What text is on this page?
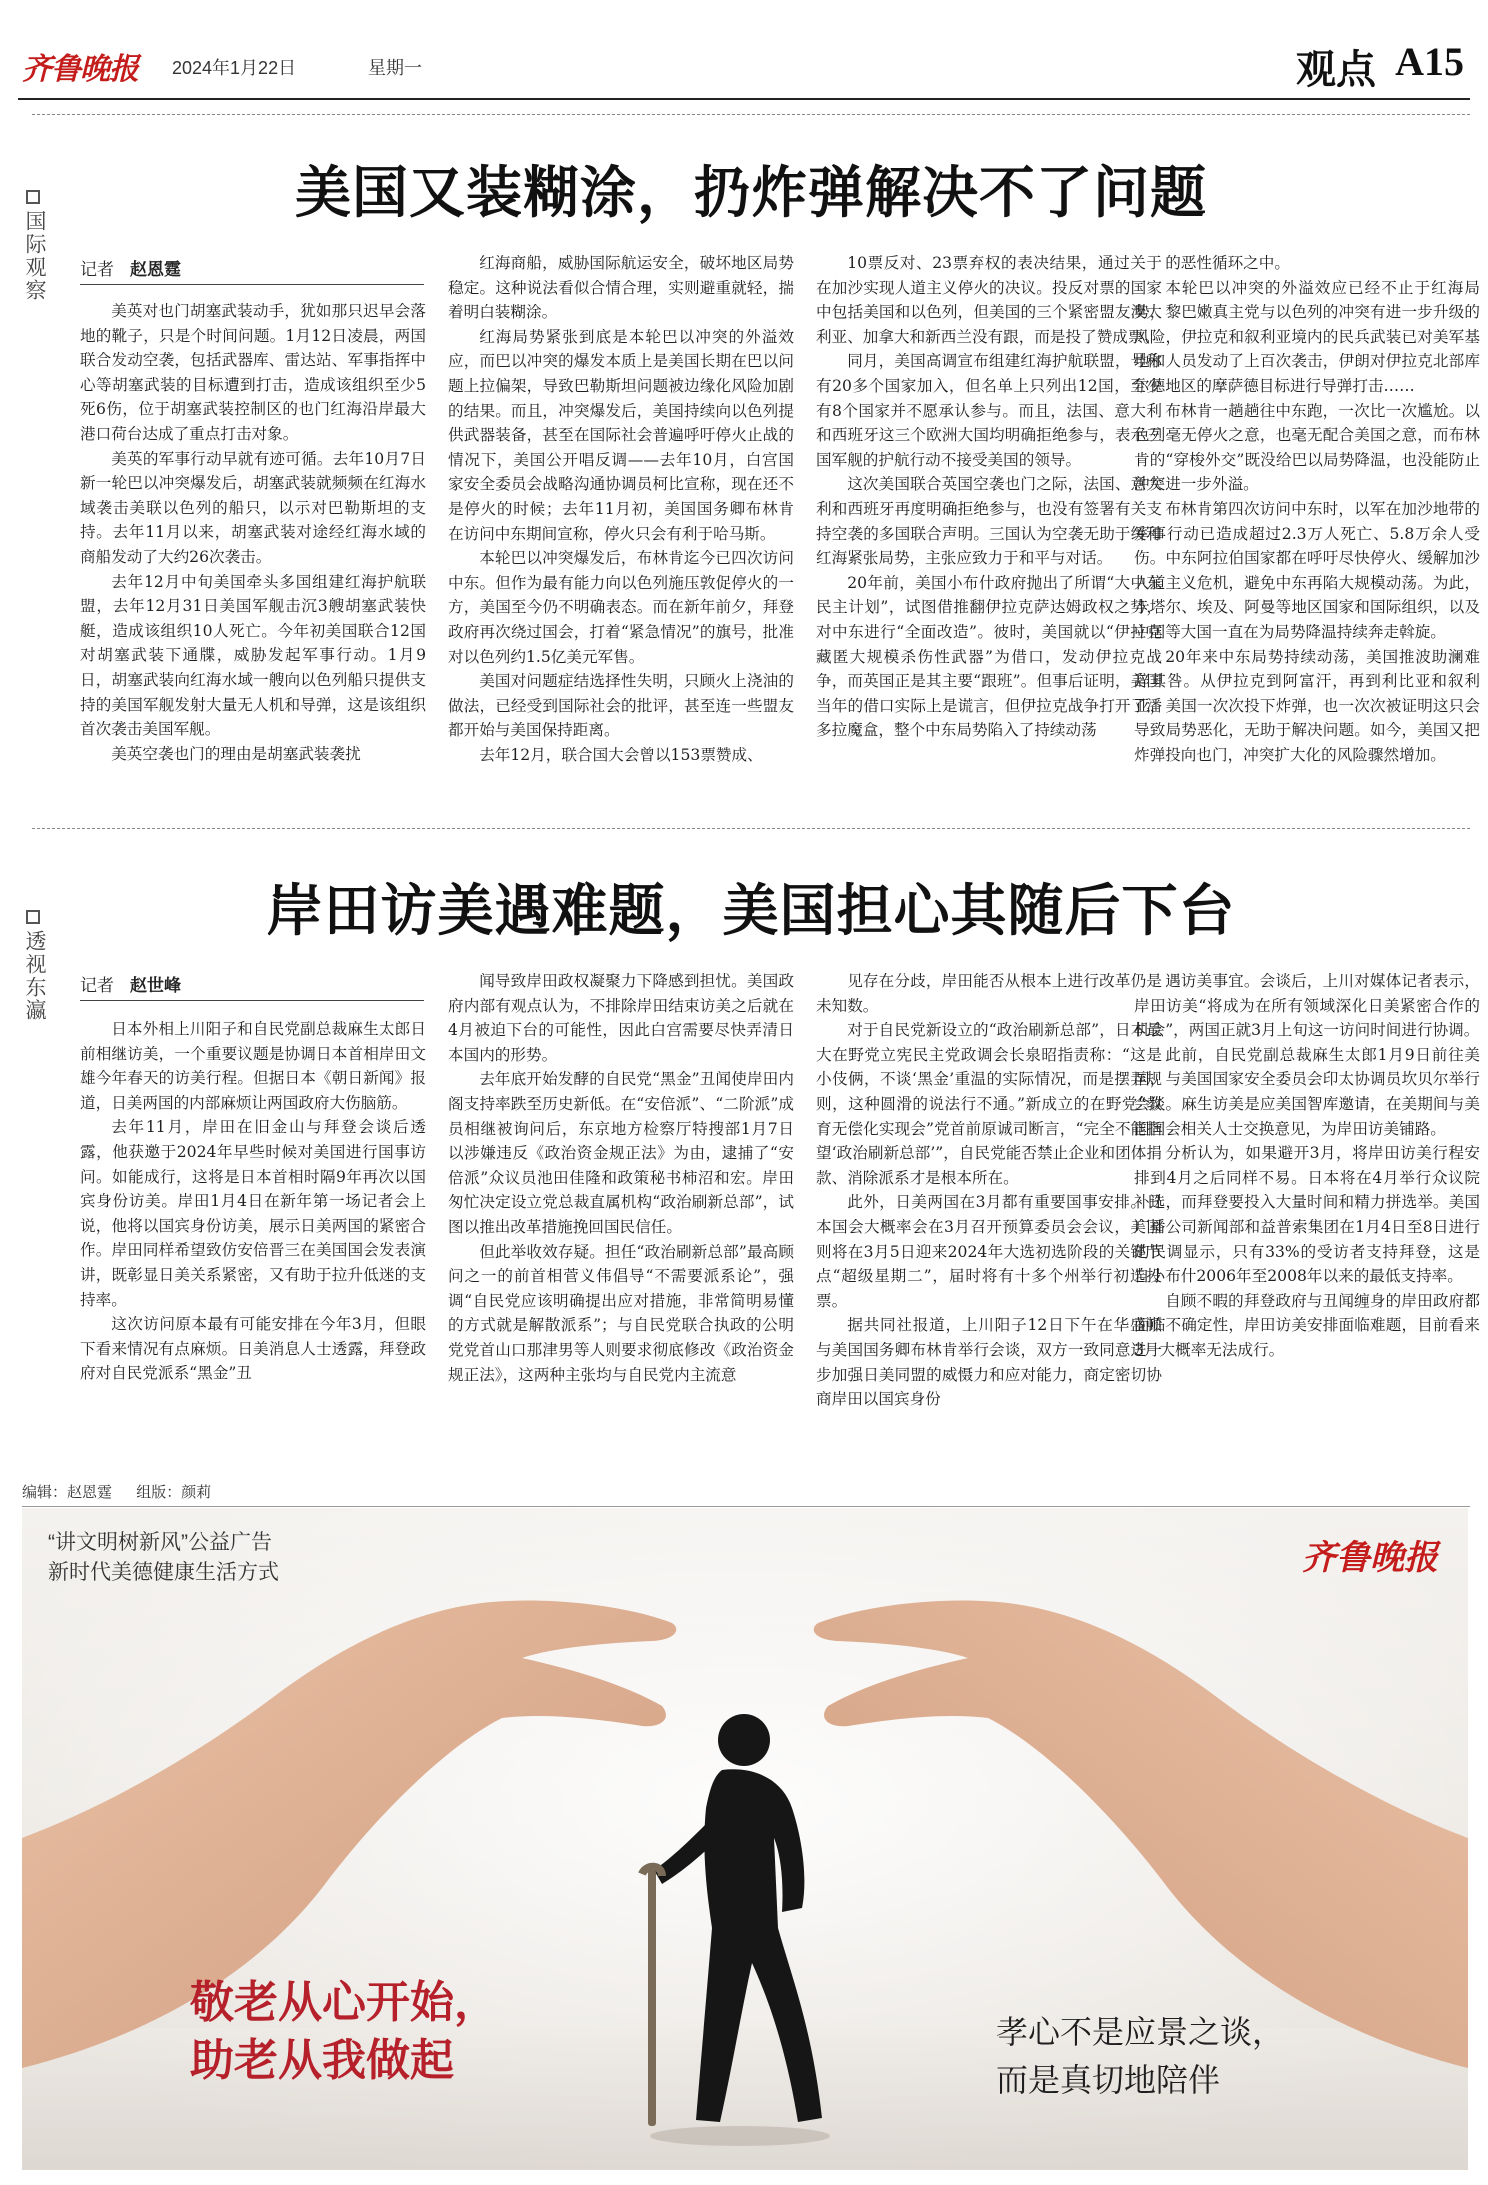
齐鲁晚报 2024年1月22日	星期一	观点 A15
国际观察
美国又装糊涂，扔炸弹解决不了问题
记者 赵恩霆

美英对也门胡塞武装动手，犹如那只迟早会落地的靴子，只是个时间问题。1月12日凌晨，两国联合发动空袭，包括武器库、雷达站、军事指挥中心等胡塞武装的目标遭到打击，造成该组织至少5死6伤，位于胡塞武装控制区的也门红海沿岸最大港口荷台达成了重点打击对象。

美英的军事行动早就有迹可循。去年10月7日新一轮巴以冲突爆发后，胡塞武装就频频在红海水域袭击美联以色列的船只，以示对巴勒斯坦的支持。去年11月以来，胡塞武装对途经红海水域的商船发动了大约26次袭击。

去年12月中旬美国牵头多国组建红海护航联盟，去年12月31日美国军舰击沉3艘胡塞武装快艇，造成该组织10人死亡。今年初美国联合12国对胡塞武装下通牒，威胁发起军事行动。1月9日，胡塞武装向红海水域一艘向以色列船只提供支持的美国军舰发射大量无人机和导弹，这是该组织首次袭击美国军舰。

美英空袭也门的理由是胡塞武装袭扰

红海商船，威胁国际航运安全，破坏地区局势稳定。这种说法看似合情合理，实则避重就轻，揣着明白装糊涂。

红海局势紧张到底是本轮巴以冲突的外溢效应，而巴以冲突的爆发本质上是美国长期在巴以问题上拉偏架，导致巴勒斯坦问题被边缘化风险加剧的结果。而且，冲突爆发后，美国持续向以色列提供武器装备，甚至在国际社会普遍呼吁停火止战的情况下，美国公开唱反调——去年10月，白宫国家安全委员会战略沟通协调员柯比宣称，现在还不是停火的时候；去年11月初，美国国务卿布林肯在访问中东期间宣称，停火只会有利于哈马斯。

本轮巴以冲突爆发后，布林肯迄今已四次访问中东。但作为最有能力向以色列施压敦促停火的一方，美国至今仍不明确表态。而在新年前夕，拜登政府再次绕过国会，打着“紧急情况”的旗号，批准对以色列约1.5亿美元军售。

美国对问题症结选择性失明，只顾火上浇油的做法，已经受到国际社会的批评，甚至连一些盟友都开始与美国保持距离。

去年12月，联合国大会曾以153票赞成、

10票反对、23票弃权的表决结果，通过关于在加沙实现人道主义停火的决议。投反对票的国家中包括美国和以色列，但美国的三个紧密盟友澳大利亚、加拿大和新西兰没有跟，而是投了赞成票。

同月，美国高调宣布组建红海护航联盟，号称有20多个国家加入，但名单上只列出12国，至少有8个国家并不愿承认参与。而且，法国、意大利和西班牙这三个欧洲大国均明确拒绝参与，表示三国军舰的护航行动不接受美国的领导。

这次美国联合英国空袭也门之际，法国、意大利和西班牙再度明确拒绝参与，也没有签署有关支持空袭的多国联合声明。三国认为空袭无助于缓和红海紧张局势，主张应致力于和平与对话。

20年前，美国小布什政府抛出了所谓“大中东民主计划”，试图借推翻伊拉克萨达姆政权之势，对中东进行“全面改造”。彼时，美国就以“伊拉克藏匿大规模杀伤性武器”为借口，发动伊拉克战争，而英国正是其主要“跟班”。但事后证明，美国当年的借口实际上是谎言，但伊拉克战争打开了潘多拉魔盒，整个中东局势陷入了持续动荡

的恶性循环之中。

本轮巴以冲突的外溢效应已经不止于红海局势，黎巴嫩真主党与以色列的冲突有进一步升级的风险，伊拉克和叙利亚境内的民兵武装已对美军基地和人员发动了上百次袭击，伊朗对伊拉克北部库尔德地区的摩萨德目标进行导弹打击……

布林肯一趟趟往中东跑，一次比一次尴尬。以色列毫无停火之意，也毫无配合美国之意，而布林肯的“穿梭外交”既没给巴以局势降温，也没能防止冲突进一步外溢。

布林肯第四次访问中东时，以军在加沙地带的军事行动已造成超过2.3万人死亡、5.8万余人受伤。中东阿拉伯国家都在呼吁尽快停火、缓解加沙人道主义危机，避免中东再陷大规模动荡。为此，卡塔尔、埃及、阿曼等地区国家和国际组织，以及中国等大国一直在为局势降温持续奔走斡旋。

20年来中东局势持续动荡，美国推波助澜难辞其咎。从伊拉克到阿富汗，再到利比亚和叙利亚，美国一次次投下炸弹，也一次次被证明这只会导致局势恶化，无助于解决问题。如今，美国又把炸弹投向也门，冲突扩大化的风险骤然增加。

透视东瀛
岸田访美遇难题，美国担心其随后下台
记者 赵世峰

日本外相上川阳子和自民党副总裁麻生太郎日前相继访美，一个重要议题是协调日本首相岸田文雄今年春天的访美行程。但据日本《朝日新闻》报道，日美两国的内部麻烦让两国政府大伤脑筋。

去年11月，岸田在旧金山与拜登会谈后透露，他获邀于2024年早些时候对美国进行国事访问。如能成行，这将是日本首相时隔9年再次以国宾身份访美。岸田1月4日在新年第一场记者会上说，他将以国宾身份访美，展示日美两国的紧密合作。岸田同样希望致仿安倍晋三在美国国会发表演讲，既彰显日美关系紧密，又有助于拉升低迷的支持率。

这次访问原本最有可能安排在今年3月，但眼下看来情况有点麻烦。日美消息人士透露，拜登政府对自民党派系“黑金”丑

闻导致岸田政权凝聚力下降感到担忧。美国政府内部有观点认为，不排除岸田结束访美之后就在4月被迫下台的可能性，因此白宫需要尽快弄清日本国内的形势。

去年底开始发酵的自民党“黑金”丑闻使岸田内阁支持率跌至历史新低。在“安倍派”、“二阶派”成员相继被询问后，东京地方检察厅特搜部1月7日以涉嫌违反《政治资金规正法》为由，逮捕了“安倍派”众议员池田佳隆和政策秘书柿沼和宏。岸田匆忙决定设立党总裁直属机构“政治刷新总部”，试图以推出改革措施挽回国民信任。

但此举收效存疑。担任“政治刷新总部”最高顾问之一的前首相菅义伟倡导“不需要派系论”，强调“自民党应该明确提出应对措施，非常简明易懂的方式就是解散派系”；与自民党联合执政的公明党党首山口那津男等人则要求彻底修改《政治资金规正法》，这两种主张均与自民党内主流意

见存在分歧，岸田能否从根本上进行改革仍是未知数。

对于自民党新设立的“政治刷新总部”，日本最大在野党立宪民主党政调会长泉昭指责称：“这是小伎俩，不谈‘黑金’重温的实际情况，而是摆弄规则，这种圆滑的说法行不通。”新成立的在野党“教育无偿化实现会”党首前原诚司断言，“完全不能指望‘政治刷新总部’”，自民党能否禁止企业和团体捐款、消除派系才是根本所在。

此外，日美两国在3月都有重要国事安排。日本国会大概率会在3月召开预算委员会会议，美国则将在3月5日迎来2024年大选初选阶段的关键节点“超级星期二”，届时将有十多个州举行初选投票。

据共同社报道，上川阳子12日下午在华盛顿与美国国务卿布林肯举行会谈，双方一致同意进一步加强日美同盟的威慑力和应对能力，商定密切协商岸田以国宾身份

遇访美事宜。会谈后，上川对媒体记者表示，岸田访美“将成为在所有领域深化日美紧密合作的机会”，两国正就3月上旬这一访问时间进行协调。

此前，自民党副总裁麻生太郎1月9日前往美国，与美国国家安全委员会印太协调员坎贝尔举行会谈。麻生访美是应美国智库邀请，在美期间与美国国会相关人士交换意见，为岸田访美铺路。

分析认为，如果避开3月，将岸田访美行程安排到4月之后同样不易。日本将在4月举行众议院补选，而拜登要投入大量时间和精力拼选举。美国广播公司新闻部和益普索集团在1月4日至8日进行的民调显示，只有33%的受访者支持拜登，这是自小布什2006年至2008年以来的最低支持率。

自顾不暇的拜登政府与丑闻缠身的岸田政府都面临不确定性，岸田访美安排面临难题，目前看来3月大概率无法成行。

编辑：赵恩霆 组版：颜莉
“讲文明树新风”公益广告
新时代美德健康生活方式	齐鲁晚报
敬老从心开始，
助老从我做起
孝心不是应景之谈，
而是真切地陪伴
